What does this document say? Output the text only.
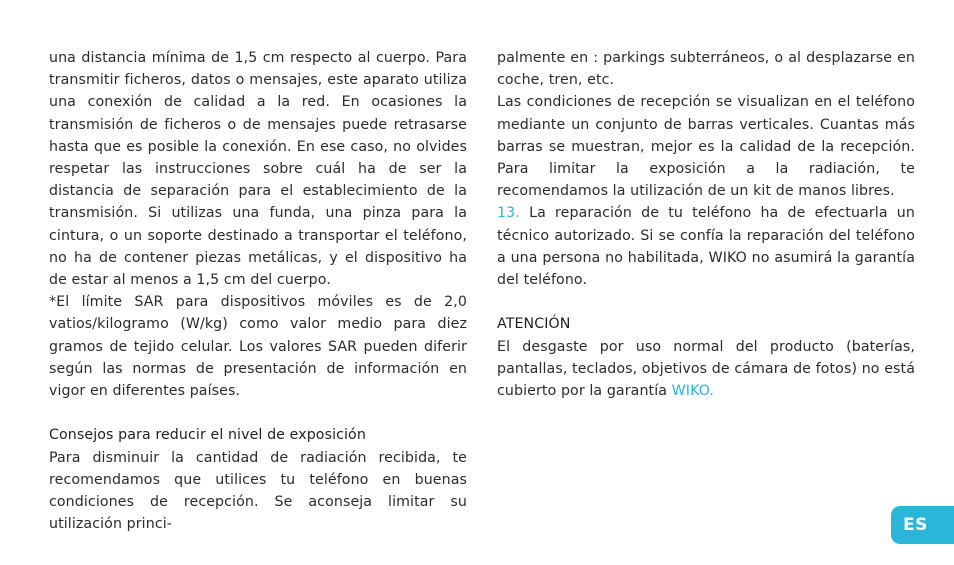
una distancia mínima de 1,5 cm respecto al cuerpo. Para transmitir ficheros, datos o mensajes, este aparato utiliza una conexión de calidad a la red. En ocasiones la transmisión de ficheros o de mensajes puede retrasarse hasta que es posible la conexión. En ese caso, no olvides respetar las instrucciones sobre cuál ha de ser la distancia de separación para el establecimiento de la transmisión. Si utilizas una funda, una pinza para la cintura, o un soporte destinado a transportar el teléfono, no ha de contener piezas metálicas, y el dispositivo ha de estar al menos a 1,5 cm del cuerpo.

*El límite SAR para dispositivos móviles es de 2,0 vatios/kilogramo (W/kg) como valor medio para diez gramos de tejido celular. Los valores SAR pueden diferir según las normas de presentación de información en vigor en diferentes países.

Consejos para reducir el nivel de exposición

Para disminuir la cantidad de radiación recibida, te recomendamos que utilices tu teléfono en buenas condiciones de recepción. Se aconseja limitar su utilización princi-

palmente en : parkings subterráneos, o al desplazarse en coche, tren, etc.

Las condiciones de recepción se visualizan en el teléfono mediante un conjunto de barras verticales. Cuantas más barras se muestran, mejor es la calidad de la recepción. Para limitar la exposición a la radiación, te recomendamos la utilización de un kit de manos libres.

13. La reparación de tu teléfono ha de efectuarla un técnico autorizado. Si se confía la reparación del teléfono a una persona no habilitada, WIKO no asumirá la garantía del teléfono.

ATENCIÓN

El desgaste por uso normal del producto (baterías, pantallas, teclados, objetivos de cámara de fotos) no está cubierto por la garantía WIKO.

ES
